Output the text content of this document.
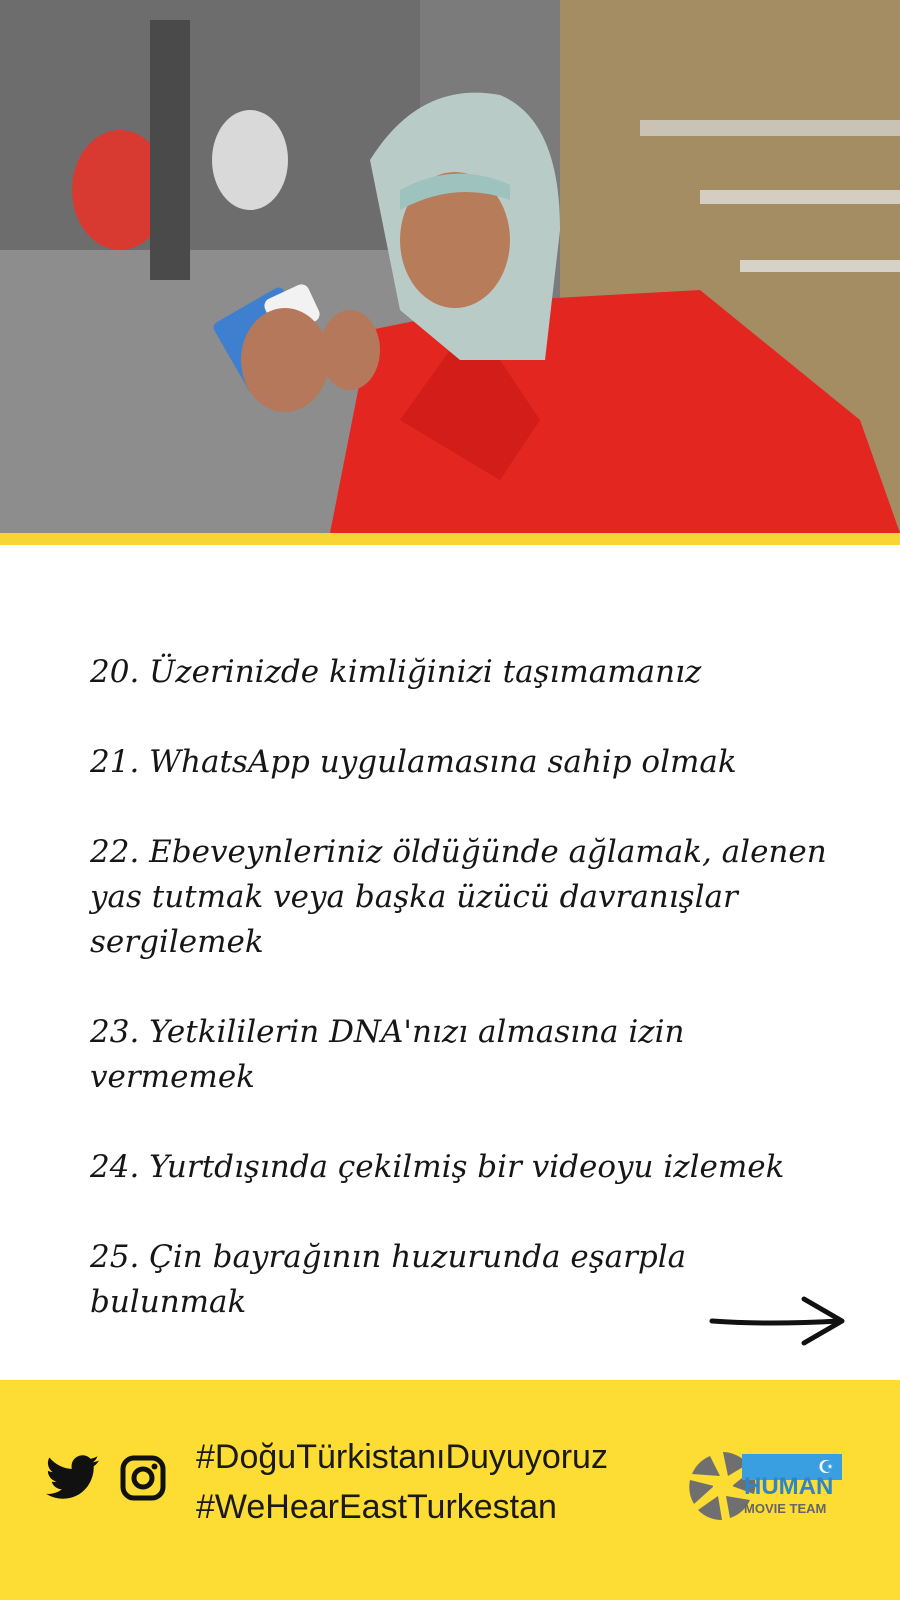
20. Üzerinizde kimliğinizi taşımamanız

21. WhatsApp uygulamasına sahip olmak

22. Ebeveynleriniz öldüğünde ağlamak, alenen yas tutmak veya başka üzücü davranışlar sergilemek

23. Yetkililerin DNA'nızı almasına izin vermemek

24. Yurtdışında çekilmiş bir videoyu izlemek

25. Çin bayrağının huzurunda eşarpla bulunmak

#DoğuTürkistanıDuyuyoruz
#WeHearEastTurkestan
☪
HUMAN
MOVIE TEAM
